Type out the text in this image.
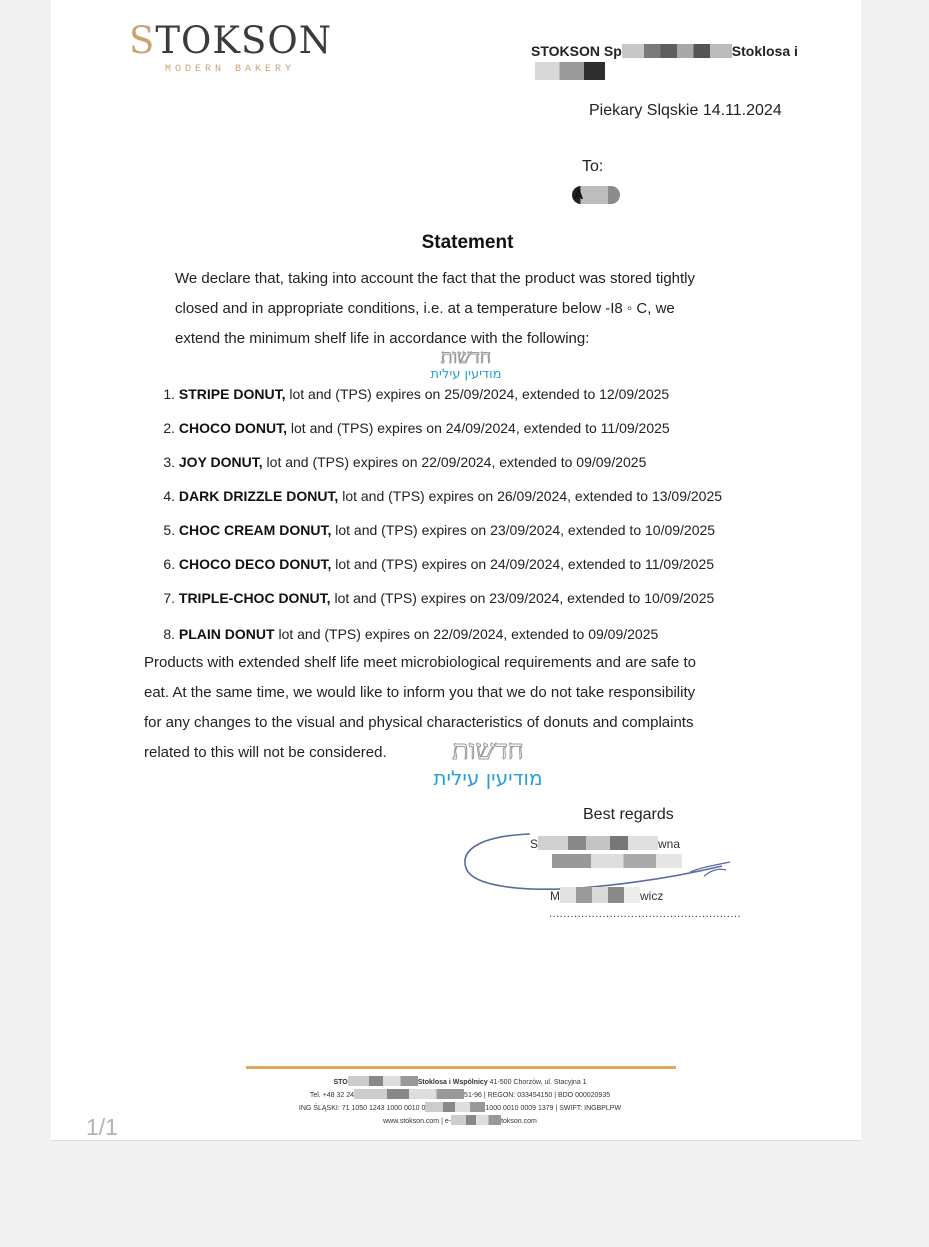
STOKSON
MODERN BAKERY
STOKSON Sp	Stoklosa i
Piekary Slqskie 14.11.2024
To:
A
Statement
We declare that, taking into account the fact that the product was stored tightly
closed and in appropriate conditions, i.e. at a temperature below -I8 ◦ C, we
extend the minimum shelf life in accordance with the following:
חדשות
מודיעין עילית
1. STRIPE DONUT, lot and (TPS) expires on 25/09/2024, extended to 12/09/2025
2. CHOCO DONUT, lot and (TPS) expires on 24/09/2024, extended to 11/09/2025
3. JOY DONUT, lot and (TPS) expires on 22/09/2024, extended to 09/09/2025
4. DARK DRIZZLE DONUT, lot and (TPS) expires on 26/09/2024, extended to 13/09/2025
5. CHOC CREAM DONUT, lot and (TPS) expires on 23/09/2024, extended to 10/09/2025
6. CHOCO DECO DONUT, lot and (TPS) expires on 24/09/2024, extended to 11/09/2025
7. TRIPLE-CHOC DONUT, lot and (TPS) expires on 23/09/2024, extended to 10/09/2025
8. PLAIN DONUT lot and (TPS) expires on 22/09/2024, extended to 09/09/2025
Products with extended shelf life meet microbiological requirements and are safe to
eat. At the same time, we would like to inform you that we do not take responsibility
for any changes to the visual and physical characteristics of donuts and complaints
related to this will not be considered.	חדשות
מודיעין עילית
Best regards
S	wna
M	wicz
......................................................
STO	Stoklosa i Wspólnicy 41-500 Chorzów, ul. Stacyjna 1
Tel. +48 32 24	51-96 | REGON: 033454150 | BDO 000020935
ING ŚLĄSKI: 71 1050 1243 1000 0010 0	1000 0010 0009 1379 | SWIFT: INGBPLPW
www.stokson.com | e-	tokson.com
1/1
